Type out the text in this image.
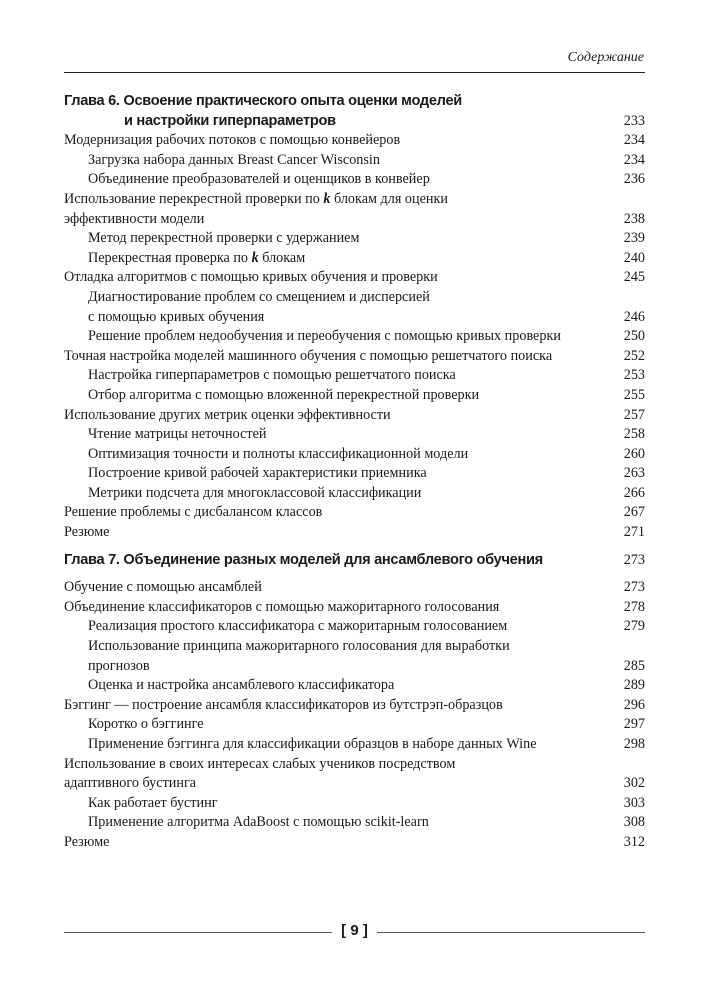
Содержание
Глава 6. Освоение практического опыта оценки моделей
и настройки гиперпараметров	233
Модернизация рабочих потоков с помощью конвейеров	234
Загрузка набора данных Breast Cancer Wisconsin	234
Объединение преобразователей и оценщиков в конвейер	236
Использование перекрестной проверки по k блокам для оценки
эффективности модели	238
Метод перекрестной проверки с удержанием	239
Перекрестная проверка по k блокам	240
Отладка алгоритмов с помощью кривых обучения и проверки	245
Диагностирование проблем со смещением и дисперсией
с помощью кривых обучения	246
Решение проблем недообучения и переобучения с помощью кривых проверки	250
Точная настройка моделей машинного обучения с помощью решетчатого поиска	252
Настройка гиперпараметров с помощью решетчатого поиска	253
Отбор алгоритма с помощью вложенной перекрестной проверки	255
Использование других метрик оценки эффективности	257
Чтение матрицы неточностей	258
Оптимизация точности и полноты классификационной модели	260
Построение кривой рабочей характеристики приемника	263
Метрики подсчета для многоклассовой классификации	266
Решение проблемы с дисбалансом классов	267
Резюме	271
Глава 7. Объединение разных моделей для ансамблевого обучения	273
Обучение с помощью ансамблей	273
Объединение классификаторов с помощью мажоритарного голосования	278
Реализация простого классификатора с мажоритарным голосованием	279
Использование принципа мажоритарного голосования для выработки
прогнозов	285
Оценка и настройка ансамблевого классификатора	289
Бэггинг — построение ансамбля классификаторов из бутстрэп-образцов	296
Коротко о бэггинге	297
Применение бэггинга для классификации образцов в наборе данных Wine	298
Использование в своих интересах слабых учеников посредством
адаптивного бустинга	302
Как работает бустинг	303
Применение алгоритма AdaBoost с помощью scikit-learn	308
Резюме	312
[ 9 ]
